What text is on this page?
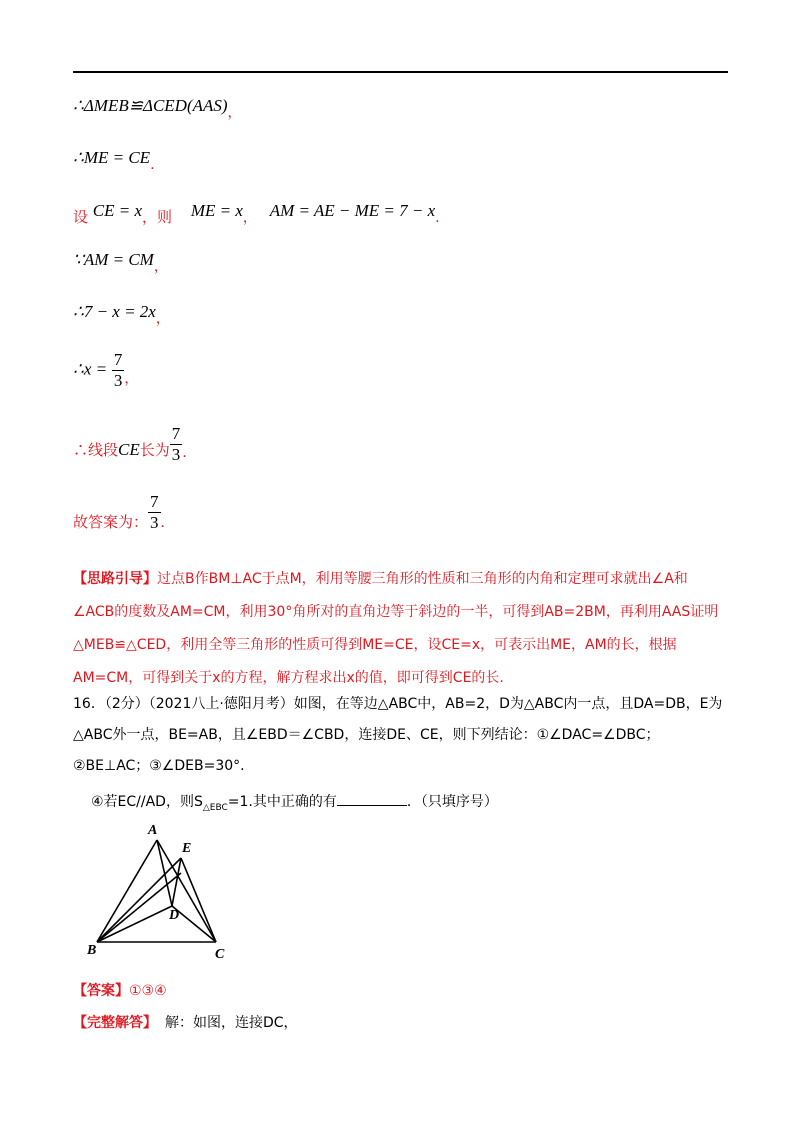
∴ΔMEB≌ΔCED(AAS)，
∴ME = CE.
设 CE = x，则 ME = x， AM = AE − ME = 7 − x.
∵AM = CM，
∴7 − x = 2x，
∴x = $\frac{7}{3}$ ，
∴线段CE长为 $\frac{7}{3}$ .
故答案为： $\frac{7}{3}$ .
【思路引导】过点B作BM⊥AC于点M，利用等腰三角形的性质和三角形的内角和定理可求就出∠A和∠ACB的度数及AM=CM，利用30°角所对的直角边等于斜边的一半，可得到AB=2BM，再利用AAS证明△MEB≌△CED，利用全等三角形的性质可得到ME=CE，设CE=x，可表示出ME，AM的长，根据AM=CM，可得到关于x的方程，解方程求出x的值，即可得到CE的长.
16．（2分）（2021八上·德阳月考）如图，在等边△ABC中，AB=2，D为△ABC内一点，且DA=DB，E为△ABC外一点，BE=AB，且∠EBD＝∠CBD，连接DE、CE，则下列结论：①∠DAC=∠DBC；②BE⊥AC；③∠DEB=30°.
④若EC//AD，则$S_{\triangle EBC}=1$.其中正确的有	．（只填序号）
A
E
D
B	C
【答案】①③④
【完整解答】 解：如图，连接DC，
